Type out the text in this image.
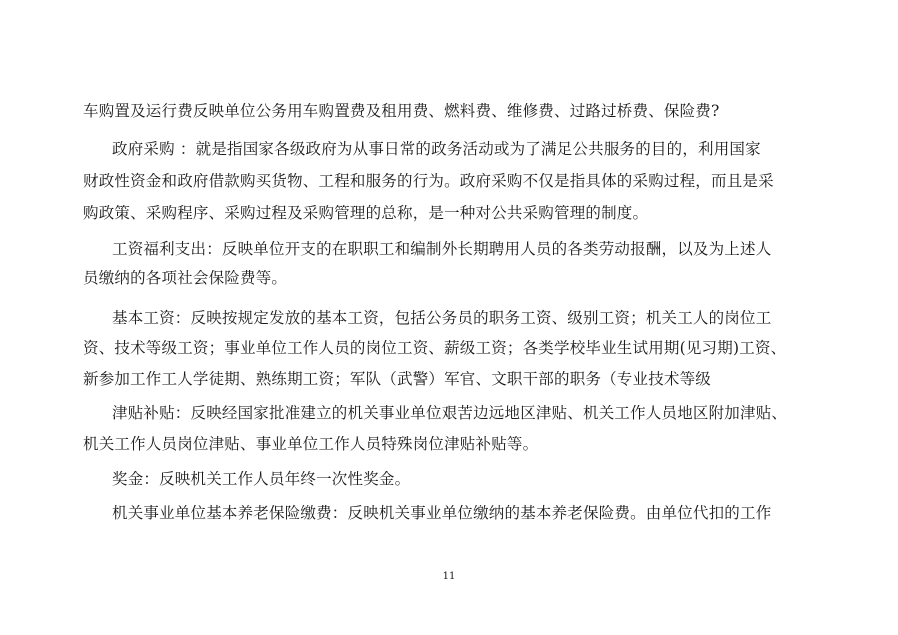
车购置及运行费反映单位公务用车购置费及租用费、燃料费、维修费、过路过桥费、保险费?
政府采购 ：就是指国家各级政府为从事日常的政务活动或为了满足公共服务的目的，利用国家
财政性资金和政府借款购买货物、工程和服务的行为。政府采购不仅是指具体的采购过程，而且是采
购政策、采购程序、采购过程及采购管理的总称，是一种对公共采购管理的制度。
工资福利支出：反映单位开支的在职职工和编制外长期聘用人员的各类劳动报酬，以及为上述人
员缴纳的各项社会保险费等。
基本工资：反映按规定发放的基本工资，包括公务员的职务工资、级别工资；机关工人的岗位工
资、技术等级工资；事业单位工作人员的岗位工资、薪级工资；各类学校毕业生试用期(见习期)工资、
新参加工作工人学徒期、熟练期工资；军队（武警）军官、文职干部的职务（专业技术等级
津贴补贴：反映经国家批准建立的机关事业单位艰苦边远地区津贴、机关工作人员地区附加津贴、
机关工作人员岗位津贴、事业单位工作人员特殊岗位津贴补贴等。
奖金：反映机关工作人员年终一次性奖金。
机关事业单位基本养老保险缴费：反映机关事业单位缴纳的基本养老保险费。由单位代扣的工作
11
